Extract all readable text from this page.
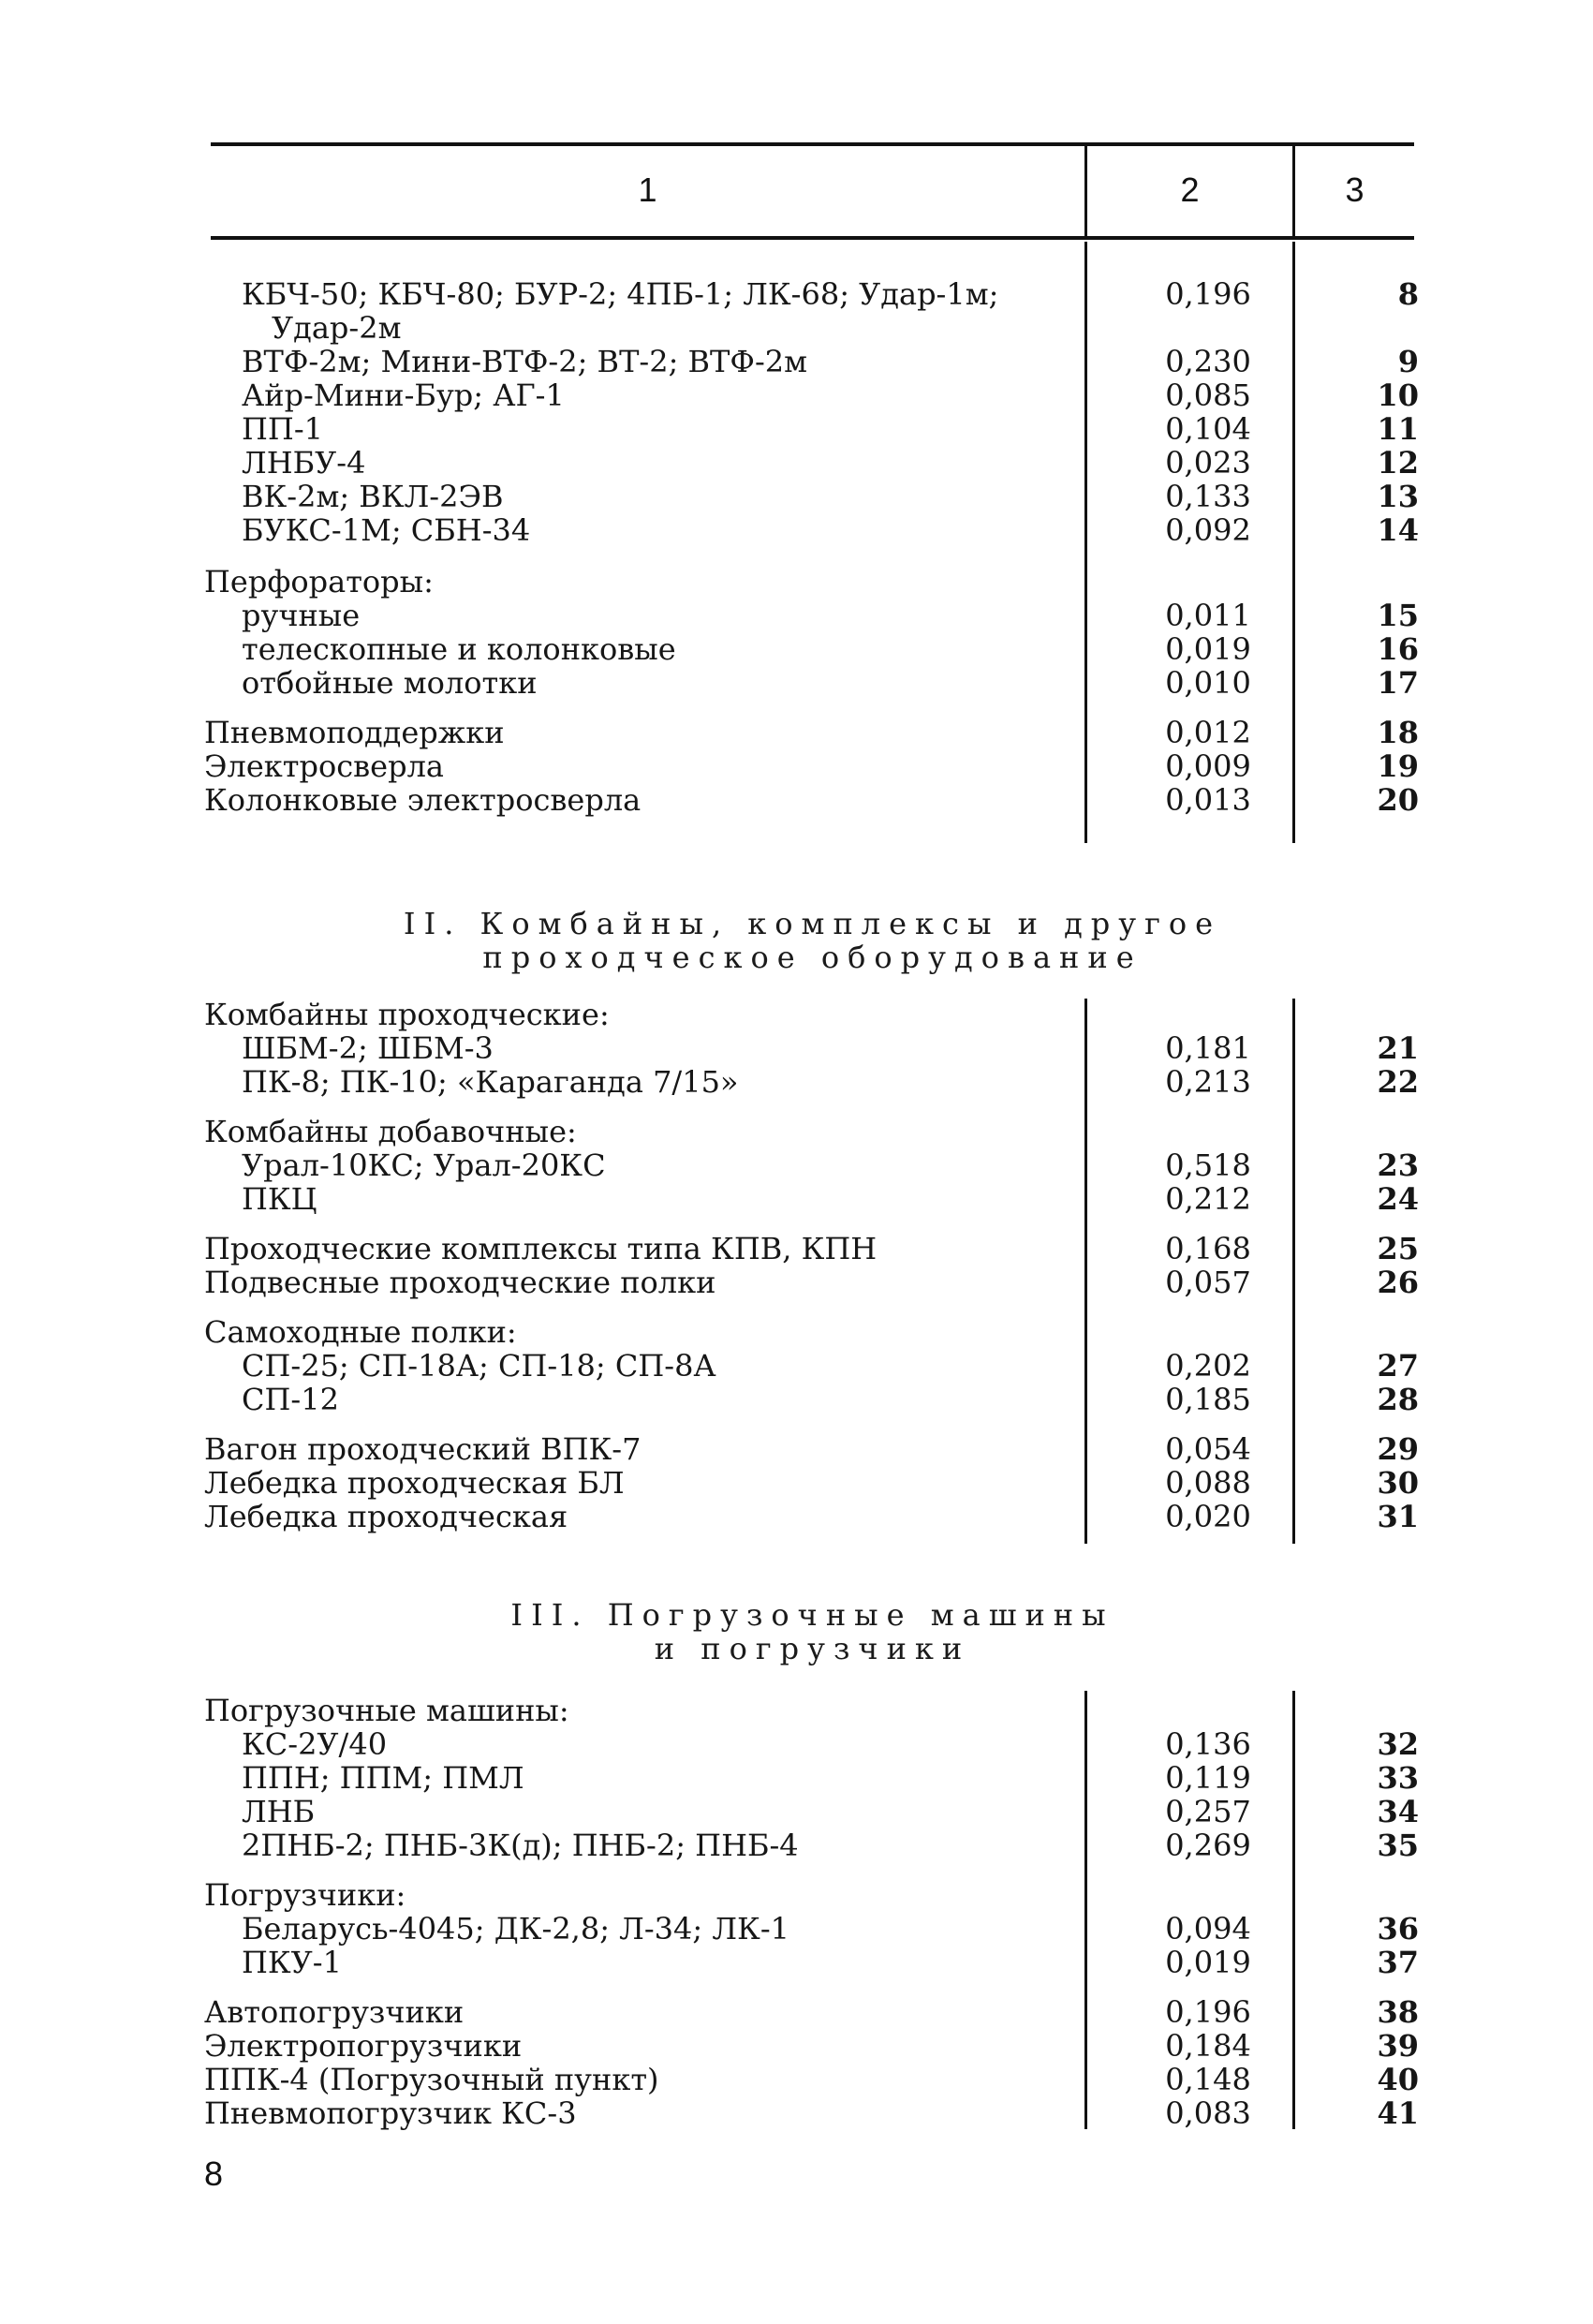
1	2	3
КБЧ-50; КБЧ-80; БУР-2; 4ПБ-1; ЛК-68; Удар-1м;	0,196	8
Удар-2м
ВТФ-2м; Мини-ВТФ-2; ВТ-2; ВТФ-2м	0,230	9
Айр-Мини-Бур; АГ-1	0,085	10
ПП-1	0,104	11
ЛНБУ-4	0,023	12
ВК-2м; ВКЛ-2ЭВ	0,133	13
БУКС-1М; СБН-34	0,092	14
Перфораторы:
ручные	0,011	15
телескопные и колонковые	0,019	16
отбойные молотки	0,010	17
Пневмоподдержки	0,012	18
Электросверла	0,009	19
Колонковые электросверла	0,013	20
II. Комбайны, комплексы и другое
проходческое оборудование
Комбайны проходческие:
ШБМ-2; ШБМ-3	0,181	21
ПК-8; ПК-10; «Караганда 7/15»	0,213	22
Комбайны добавочные:
Урал-10КС; Урал-20КС	0,518	23
ПКЦ	0,212	24
Проходческие комплексы типа КПВ, КПН	0,168	25
Подвесные проходческие полки	0,057	26
Самоходные полки:
СП-25; СП-18А; СП-18; СП-8А	0,202	27
СП-12	0,185	28
Вагон проходческий ВПК-7	0,054	29
Лебедка проходческая БЛ	0,088	30
Лебедка проходческая	0,020	31
III. Погрузочные машины
и погрузчики
Погрузочные машины:
КС-2У/40	0,136	32
ППН; ППМ; ПМЛ	0,119	33
ЛНБ	0,257	34
2ПНБ-2; ПНБ-3К(д); ПНБ-2; ПНБ-4	0,269	35
Погрузчики:
Беларусь-4045; ДК-2,8; Л-34; ЛК-1	0,094	36
ПКУ-1	0,019	37
Автопогрузчики	0,196	38
Электропогрузчики	0,184	39
ППК-4 (Погрузочный пункт)	0,148	40
Пневмопогрузчик КС-3	0,083	41
8
